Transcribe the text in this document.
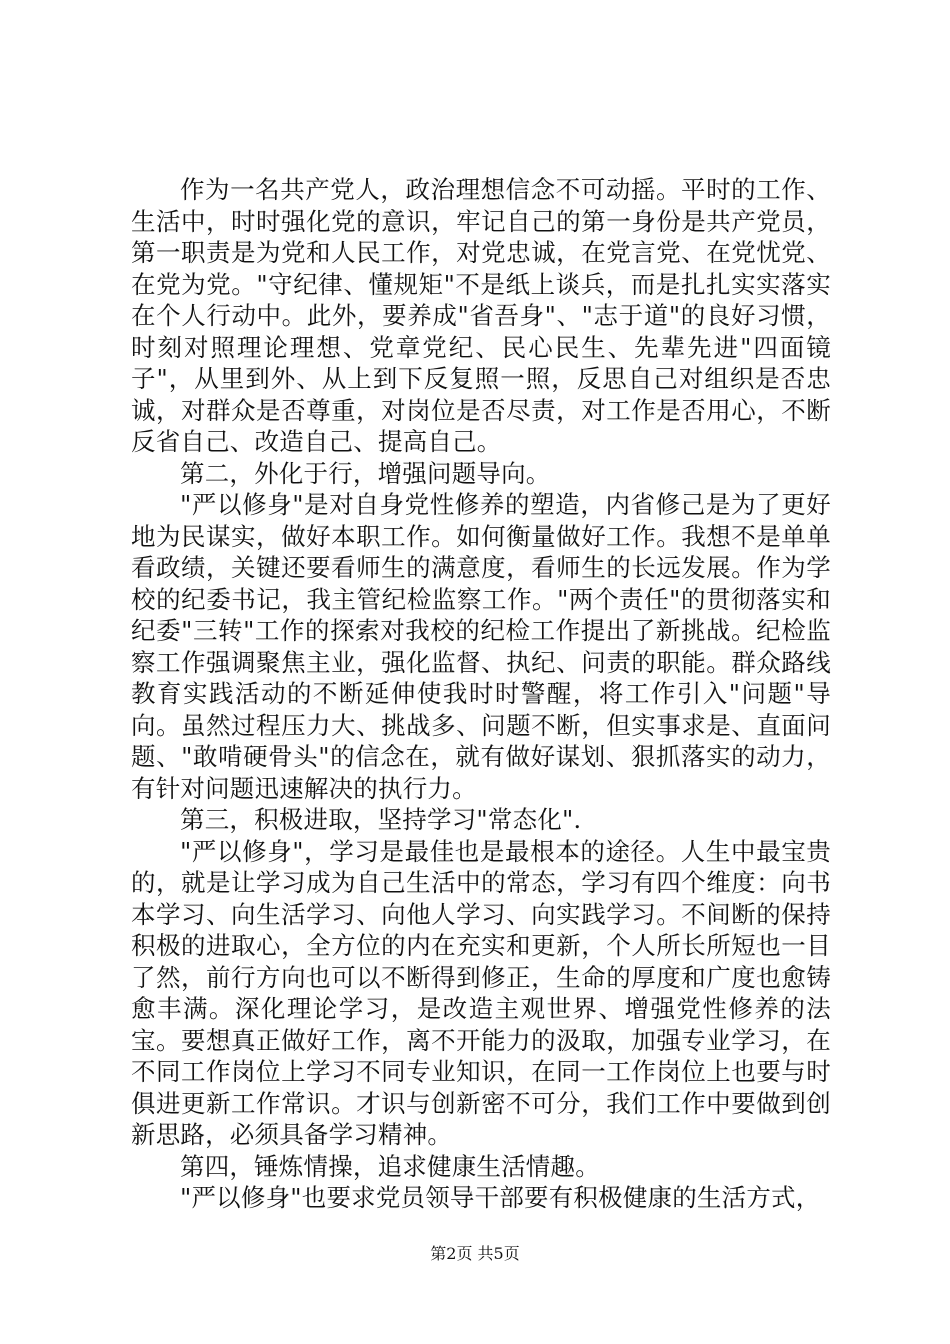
作为一名共产党人，政治理想信念不可动摇。平时的工作、生活中，时时强化党的意识，牢记自己的第一身份是共产党员，第一职责是为党和人民工作，对党忠诚，在党言党、在党忧党、在党为党。"守纪律、懂规矩"不是纸上谈兵，而是扎扎实实落实在个人行动中。此外，要养成"省吾身"、"志于道"的良好习惯，时刻对照理论理想、党章党纪、民心民生、先辈先进"四面镜子"，从里到外、从上到下反复照一照，反思自己对组织是否忠诚，对群众是否尊重，对岗位是否尽责，对工作是否用心，不断反省自己、改造自己、提高自己。

第二，外化于行，增强问题导向。

"严以修身"是对自身党性修养的塑造，内省修己是为了更好地为民谋实，做好本职工作。如何衡量做好工作。我想不是单单看政绩，关键还要看师生的满意度，看师生的长远发展。作为学校的纪委书记，我主管纪检监察工作。"两个责任"的贯彻落实和纪委"三转"工作的探索对我校的纪检工作提出了新挑战。纪检监察工作强调聚焦主业，强化监督、执纪、问责的职能。群众路线教育实践活动的不断延伸使我时时警醒，将工作引入"问题"导向。虽然过程压力大、挑战多、问题不断，但实事求是、直面问题、"敢啃硬骨头"的信念在，就有做好谋划、狠抓落实的动力，有针对问题迅速解决的执行力。

第三，积极进取，坚持学习"常态化".

"严以修身"，学习是最佳也是最根本的途径。人生中最宝贵的，就是让学习成为自己生活中的常态，学习有四个维度：向书本学习、向生活学习、向他人学习、向实践学习。不间断的保持积极的进取心，全方位的内在充实和更新，个人所长所短也一目了然，前行方向也可以不断得到修正，生命的厚度和广度也愈铸愈丰满。深化理论学习，是改造主观世界、增强党性修养的法宝。要想真正做好工作，离不开能力的汲取，加强专业学习，在不同工作岗位上学习不同专业知识，在同一工作岗位上也要与时俱进更新工作常识。才识与创新密不可分，我们工作中要做到创新思路，必须具备学习精神。

第四，锤炼情操，追求健康生活情趣。

"严以修身"也要求党员领导干部要有积极健康的生活方式，

第2页 共5页
